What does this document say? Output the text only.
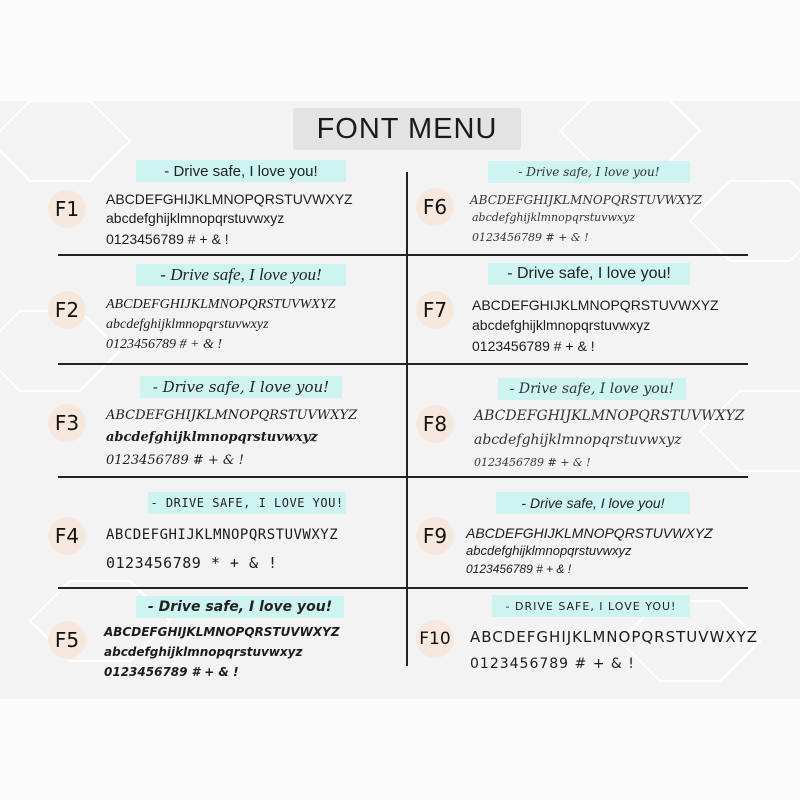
FONT MENU
F1
- Drive safe, I love you!
ABCDEFGHIJKLMNOPQRSTUVWXYZ
abcdefghijklmnopqrstuvwxyz
0123456789 # + & !
F2
- Drive safe, I love you!
ABCDEFGHIJKLMNOPQRSTUVWXYZ
abcdefghijklmnopqrstuvwxyz
0123456789 # + & !
F3
- Drive safe, I love you!
ABCDEFGHIJKLMNOPQRSTUVWXYZ
abcdefghijklmnopqrstuvwxyz
0123456789 # + & !
F4
- DRIVE SAFE, I LOVE YOU!
ABCDEFGHIJKLMNOPQRSTUVWXYZ
0123456789 * + & !
F5
- Drive safe, I love you!
ABCDEFGHIJKLMNOPQRSTUVWXYZ
abcdefghijklmnopqrstuvwxyz
0123456789 # + & !
F6
- Drive safe, I love you!
ABCDEFGHIJKLMNOPQRSTUVWXYZ
abcdefghijklmnopqrstuvwxyz
0123456789 # + & !
F7
- Drive safe, I love you!
ABCDEFGHIJKLMNOPQRSTUVWXYZ
abcdefghijklmnopqrstuvwxyz
0123456789 # + & !
F8
- Drive safe, I love you!
ABCDEFGHIJKLMNOPQRSTUVWXYZ
abcdefghijklmnopqrstuvwxyz
0123456789 # + & !
F9
- Drive safe, I love you!
ABCDEFGHIJKLMNOPQRSTUVWXYZ
abcdefghijklmnopqrstuvwxyz
0123456789 # + & !
F10
- DRIVE SAFE, I LOVE YOU!
ABCDEFGHIJKLMNOPQRSTUVWXYZ
0123456789 # + & !
